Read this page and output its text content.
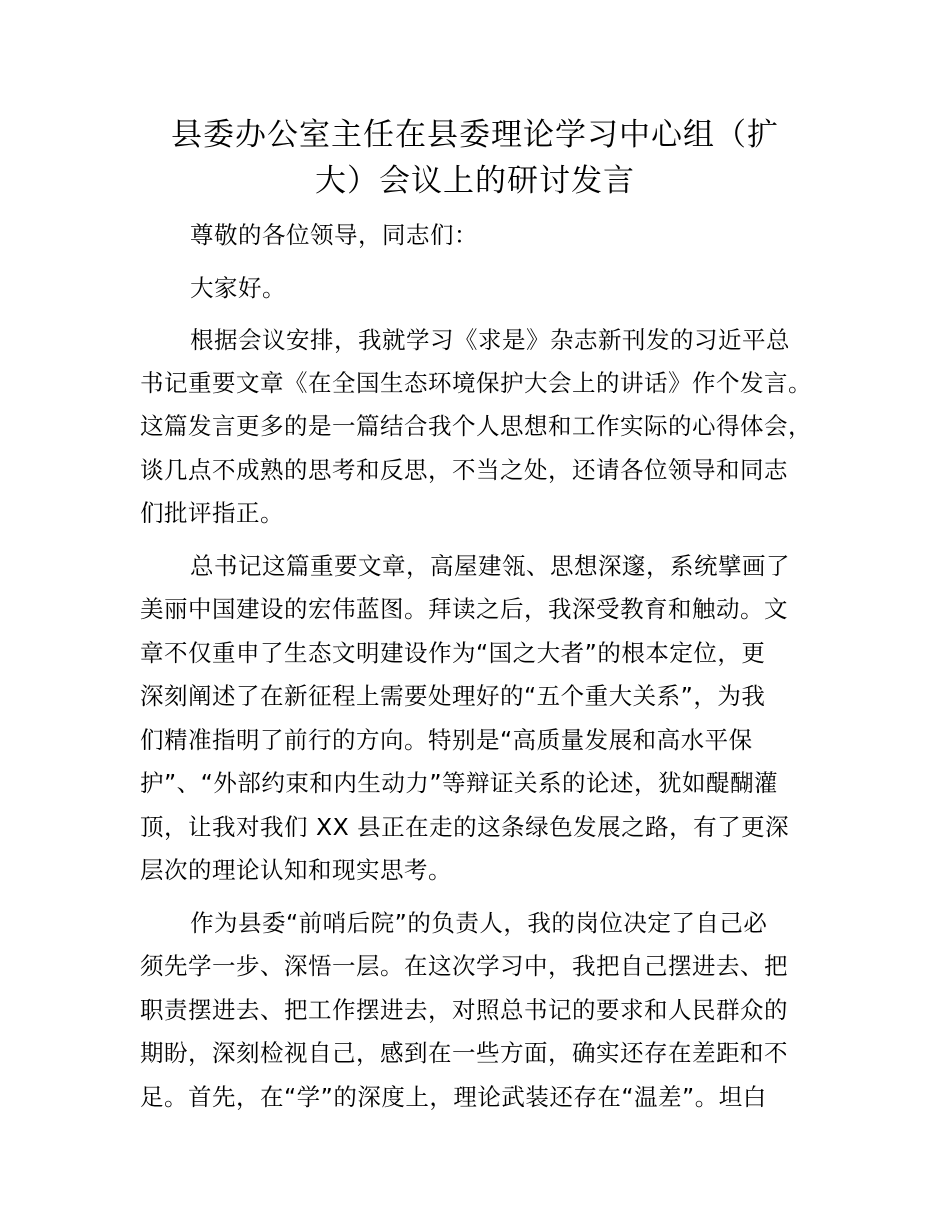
县委办公室主任在县委理论学习中心组（扩
大）会议上的研讨发言
尊敬的各位领导，同志们：
大家好。
根据会议安排，我就学习《求是》杂志新刊发的习近平总
书记重要文章《在全国生态环境保护大会上的讲话》作个发言。
这篇发言更多的是一篇结合我个人思想和工作实际的心得体会，
谈几点不成熟的思考和反思，不当之处，还请各位领导和同志
们批评指正。
总书记这篇重要文章，高屋建瓴、思想深邃，系统擘画了
美丽中国建设的宏伟蓝图。拜读之后，我深受教育和触动。文
章不仅重申了生态文明建设作为“国之大者”的根本定位，更
深刻阐述了在新征程上需要处理好的“五个重大关系”，为我
们精准指明了前行的方向。特别是“高质量发展和高水平保
护”、“外部约束和内生动力”等辩证关系的论述，犹如醍醐灌
顶，让我对我们 XX 县正在走的这条绿色发展之路，有了更深
层次的理论认知和现实思考。
作为县委“前哨后院”的负责人，我的岗位决定了自己必
须先学一步、深悟一层。在这次学习中，我把自己摆进去、把
职责摆进去、把工作摆进去，对照总书记的要求和人民群众的
期盼，深刻检视自己，感到在一些方面，确实还存在差距和不
足。首先，在“学”的深度上，理论武装还存在“温差”。坦白
